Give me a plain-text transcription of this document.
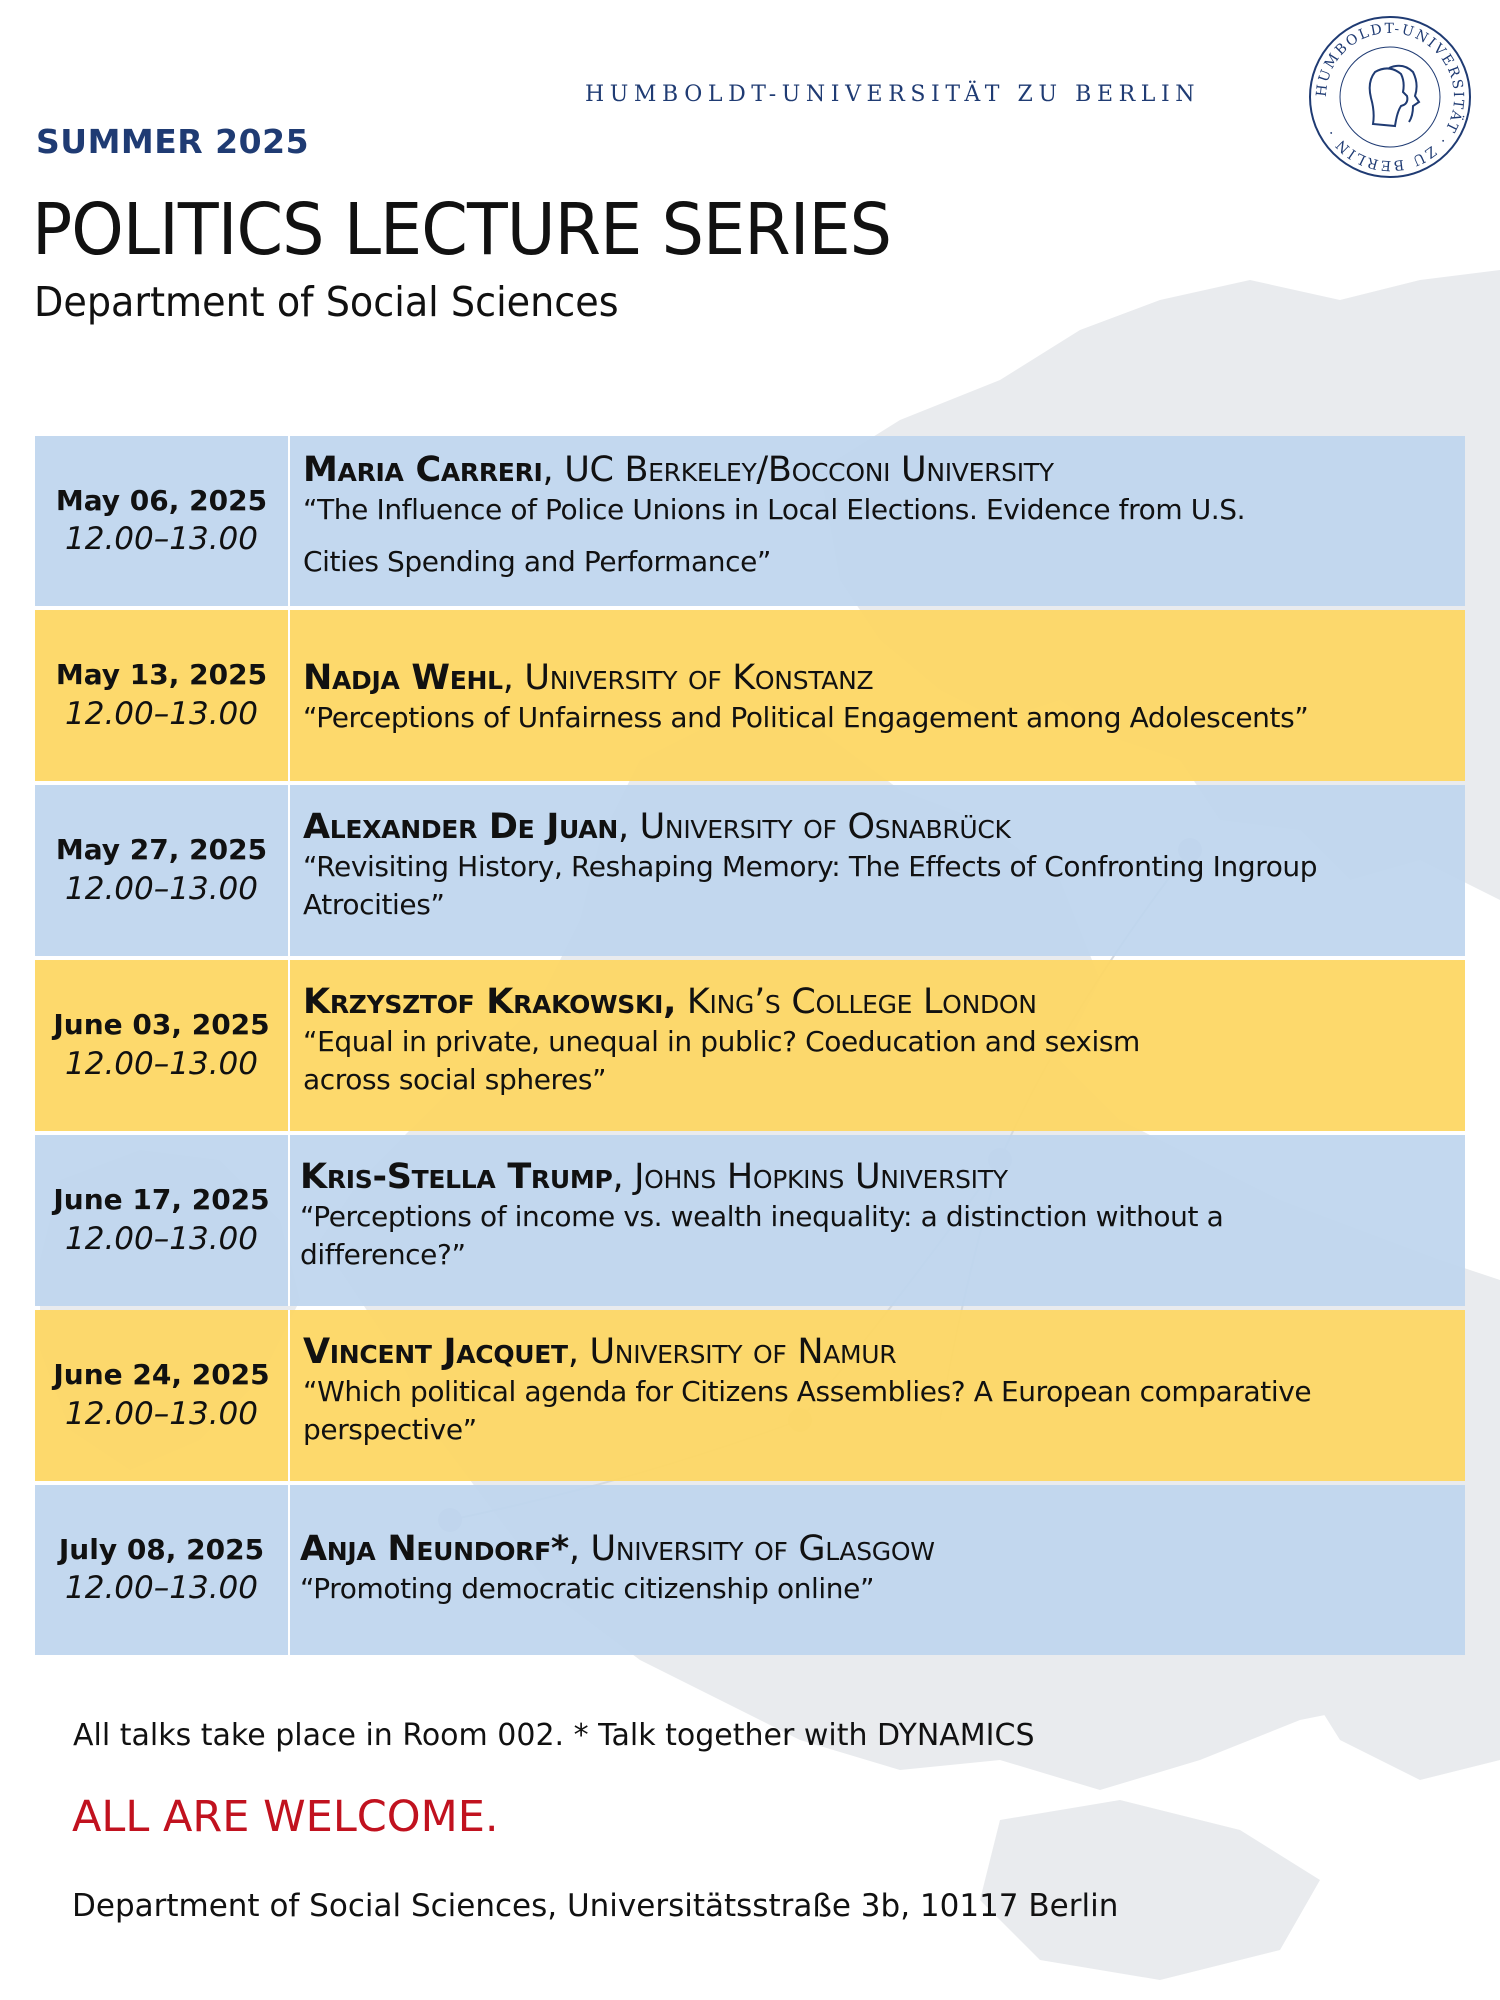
HUMBOLDT-UNIVERSITÄT ZU BERLIN	HUMBOLDT-UNIVERSITÄT · ZU BERLIN ·
SUMMER 2025
POLITICS LECTURE SERIES
Department of Social Sciences
May 06, 2025
12.00–13.00
Maria Carreri, UC Berkeley/Bocconi University
“The Influence of Police Unions in Local Elections. Evidence from U.S.
Cities Spending and Performance”
May 13, 2025
12.00–13.00
Nadja Wehl, University of Konstanz
“Perceptions of Unfairness and Political Engagement among Adolescents”
May 27, 2025
12.00–13.00
Alexander De Juan, University of Osnabrück
“Revisiting History, Reshaping Memory: The Effects of Confronting Ingroup
Atrocities”
June 03, 2025
12.00–13.00
Krzysztof Krakowski, King’s College London
“Equal in private, unequal in public? Coeducation and sexism
across social spheres”
June 17, 2025
12.00–13.00
Kris-Stella Trump, Johns Hopkins University
“Perceptions of income vs. wealth inequality: a distinction without a
difference?”
June 24, 2025
12.00–13.00
Vincent Jacquet, University of Namur
“Which political agenda for Citizens Assemblies? A European comparative
perspective”
July 08, 2025
12.00–13.00
Anja Neundorf*, University of Glasgow
“Promoting democratic citizenship online”
All talks take place in Room 002. * Talk together with DYNAMICS
ALL ARE WELCOME.
Department of Social Sciences, Universitätsstraße 3b, 10117 Berlin
